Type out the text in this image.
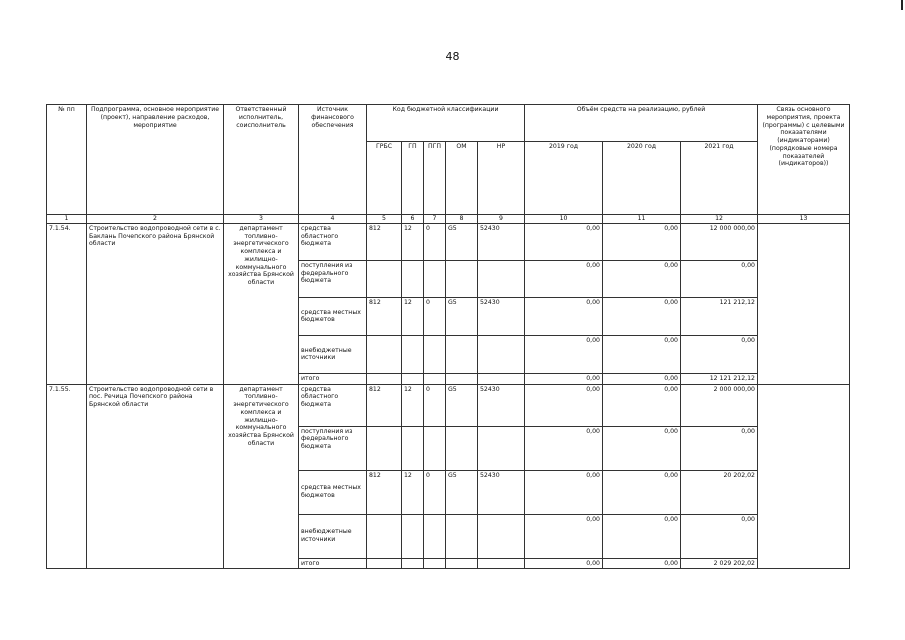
48
№ пп	Подпрограмма, основное мероприятие (проект), направление расходов, мероприятие	Ответственный исполнитель, соисполнитель	Источник финансового обеспечения	Код бюджетной классификации					Объём средств на реализацию, рублей			Связь основного мероприятия, проекта (программы) с целевыми показателями (индикаторами) (порядковые номера показателей (индикаторов))
				ГРБС	ГП	ПГП	ОМ	НР	2019 год	2020 год	2021 год	
1	2	3	4	5	6	7	8	9	10	11	12	13
7.1.54.	Строительство водопроводной сети в с. Баклань Почепского района Брянской области	департамент топливно-энергетического комплекса и жилищно-коммунального хозяйства Брянской области	средства областного бюджета	812	12	0	G5	52430	0,00	0,00	12 000 000,00	
			поступления из федерального бюджета						0,00	0,00	0,00	
			средства местных бюджетов	812	12	0	G5	52430	0,00	0,00	121 212,12	
			внебюджетные источники						0,00	0,00	0,00	
			итого						0,00	0,00	12 121 212,12	
7.1.55.	Строительство водопроводной сети в пос. Речица Почепского района Брянской области	департамент топливно-энергетического комплекса и жилищно-коммунального хозяйства Брянской области	средства областного бюджета	812	12	0	G5	52430	0,00	0,00	2 000 000,00	
			поступления из федерального бюджета						0,00	0,00	0,00	
			средства местных бюджетов	812	12	0	G5	52430	0,00	0,00	20 202,02	
			внебюджетные источники						0,00	0,00	0,00	
			итого						0,00	0,00	2 029 202,02	
